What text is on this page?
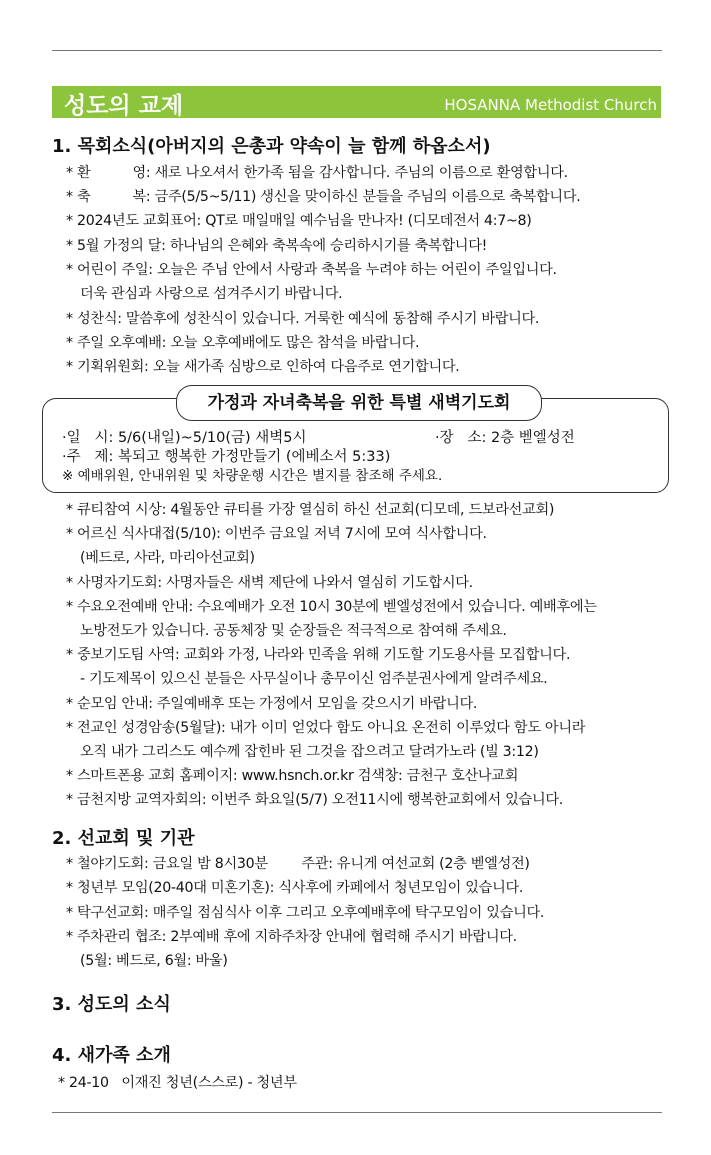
성도의 교제	HOSANNA Methodist Church
1. 목회소식(아버지의 은총과 약속이 늘 함께 하옵소서)
* 환          영: 새로 나오셔서 한가족 됨을 감사합니다. 주님의 이름으로 환영합니다.
* 축          복: 금주(5/5~5/11) 생신을 맞이하신 분들을 주님의 이름으로 축복합니다.
* 2024년도 교회표어: QT로 매일매일 예수님을 만나자! (디모데전서 4:7~8)
* 5월 가정의 달: 하나님의 은혜와 축복속에 승리하시기를 축복합니다!
* 어린이 주일: 오늘은 주님 안에서 사랑과 축복을 누려야 하는 어린이 주일입니다.
더욱 관심과 사랑으로 섬겨주시기 바랍니다.
* 성찬식: 말씀후에 성찬식이 있습니다. 거룩한 예식에 동참해 주시기 바랍니다.
* 주일 오후예배: 오늘 오후예배에도 많은 참석을 바랍니다.
* 기획위원회: 오늘 새가족 심방으로 인하여 다음주로 연기합니다.
가정과 자녀축복을 위한 특별 새벽기도회
·일   시: 5/6(내일)~5/10(금) 새벽5시	·장   소: 2층 벧엘성전
·주   제: 복되고 행복한 가정만들기 (에베소서 5:33)
※ 예배위원, 안내위원 및 차량운행 시간은 별지를 참조해 주세요.
* 큐티참여 시상: 4월동안 큐티를 가장 열심히 하신 선교회(디모데, 드보라선교회)
* 어르신 식사대접(5/10): 이번주 금요일 저녁 7시에 모여 식사합니다.
(베드로, 사라, 마리아선교회)
* 사명자기도회: 사명자들은 새벽 제단에 나와서 열심히 기도합시다.
* 수요오전예배 안내: 수요예배가 오전 10시 30분에 벧엘성전에서 있습니다. 예배후에는
노방전도가 있습니다. 공동체장 및 순장들은 적극적으로 참여해 주세요.
* 중보기도팀 사역: 교회와 가정, 나라와 민족을 위해 기도할 기도용사를 모집합니다.
- 기도제목이 있으신 분들은 사무실이나 총무이신 엄주분권사에게 알려주세요.
* 순모임 안내: 주일예배후 또는 가정에서 모임을 갖으시기 바랍니다.
* 전교인 성경암송(5월달): 내가 이미 얻었다 함도 아니요 온전히 이루었다 함도 아니라
오직 내가 그리스도 예수께 잡힌바 된 그것을 잡으려고 달려가노라 (빌 3:12)
* 스마트폰용 교회 홈페이지: www.hsnch.or.kr 검색창: 금천구 호산나교회
* 금천지방 교역자회의: 이번주 화요일(5/7) 오전11시에 행복한교회에서 있습니다.
2. 선교회 및 기관
* 철야기도회: 금요일 밤 8시30분        주관: 유니게 여선교회 (2층 벧엘성전)
* 청년부 모임(20-40대 미혼기혼): 식사후에 카페에서 청년모임이 있습니다.
* 탁구선교회: 매주일 점심식사 이후 그리고 오후예배후에 탁구모임이 있습니다.
* 주차관리 협조: 2부예배 후에 지하주차장 안내에 협력해 주시기 바랍니다.
(5월: 베드로, 6월: 바울)
3. 성도의 소식
4. 새가족 소개
* 24-10   이재진 청년(스스로) - 청년부
